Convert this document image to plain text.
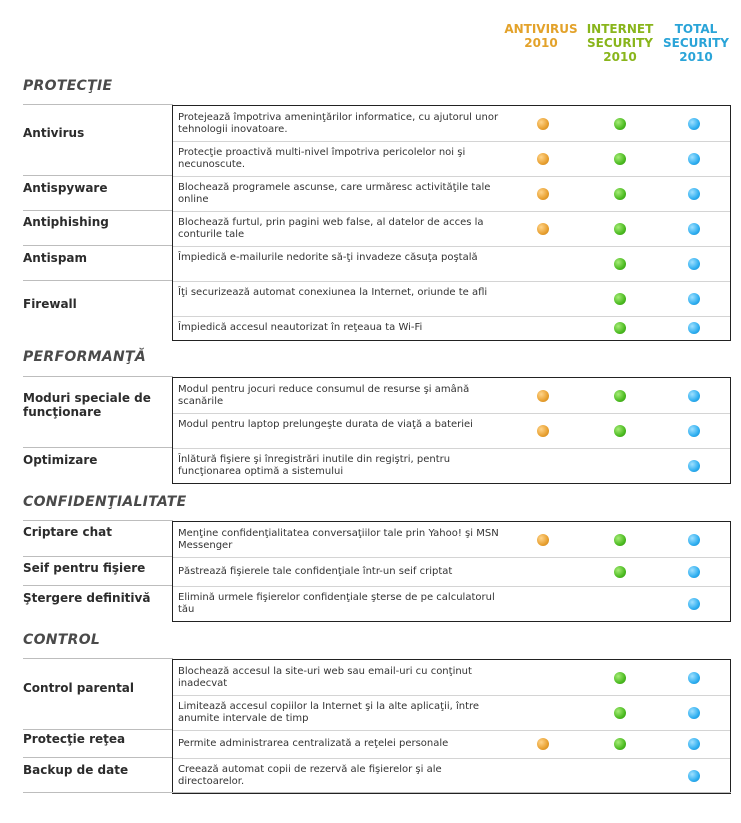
ANTIVIRUS
2010
INTERNET
SECURITY
2010
TOTAL
SECURITY
2010
PROTECŢIE
Antivirus
Antispyware
Antiphishing
Antispam
Firewall
Protejează împotriva ameninţărilor informatice, cu ajutorul unor tehnologii inovatoare.
Protecţie proactivă multi-nivel împotriva pericolelor noi şi necunoscute.
Blochează programele ascunse, care urmăresc activităţile tale online
Blochează furtul, prin pagini web false, al datelor de acces la conturile tale
Împiedică e-mailurile nedorite să-ţi invadeze căsuţa poştală
Îţi securizează automat conexiunea la Internet, oriunde te afli
Împiedică accesul neautorizat în reţeaua ta Wi-Fi
PERFORMANŢĂ
Moduri speciale de funcţionare
Optimizare
Modul pentru jocuri reduce consumul de resurse şi amână scanările
Modul pentru laptop prelungeşte durata de viaţă a bateriei
Înlătură fişiere şi înregistrări inutile din regiştri, pentru funcţionarea optimă a sistemului
CONFIDENŢIALITATE
Criptare chat
Seif pentru fişiere
Ştergere definitivă
Menţine confidenţialitatea conversaţiilor tale prin Yahoo! şi MSN Messenger
Păstrează fişierele tale confidenţiale într-un seif criptat
Elimină urmele fişierelor confidenţiale şterse de pe calculatorul tău
CONTROL
Control parental
Protecţie reţea
Backup de date
Blochează accesul la site-uri web sau email-uri cu conţinut inadecvat
Limitează accesul copiilor la Internet şi la alte aplicaţii, între anumite intervale de timp
Permite administrarea centralizată a reţelei personale
Creează automat copii de rezervă ale fişierelor şi ale directoarelor.
